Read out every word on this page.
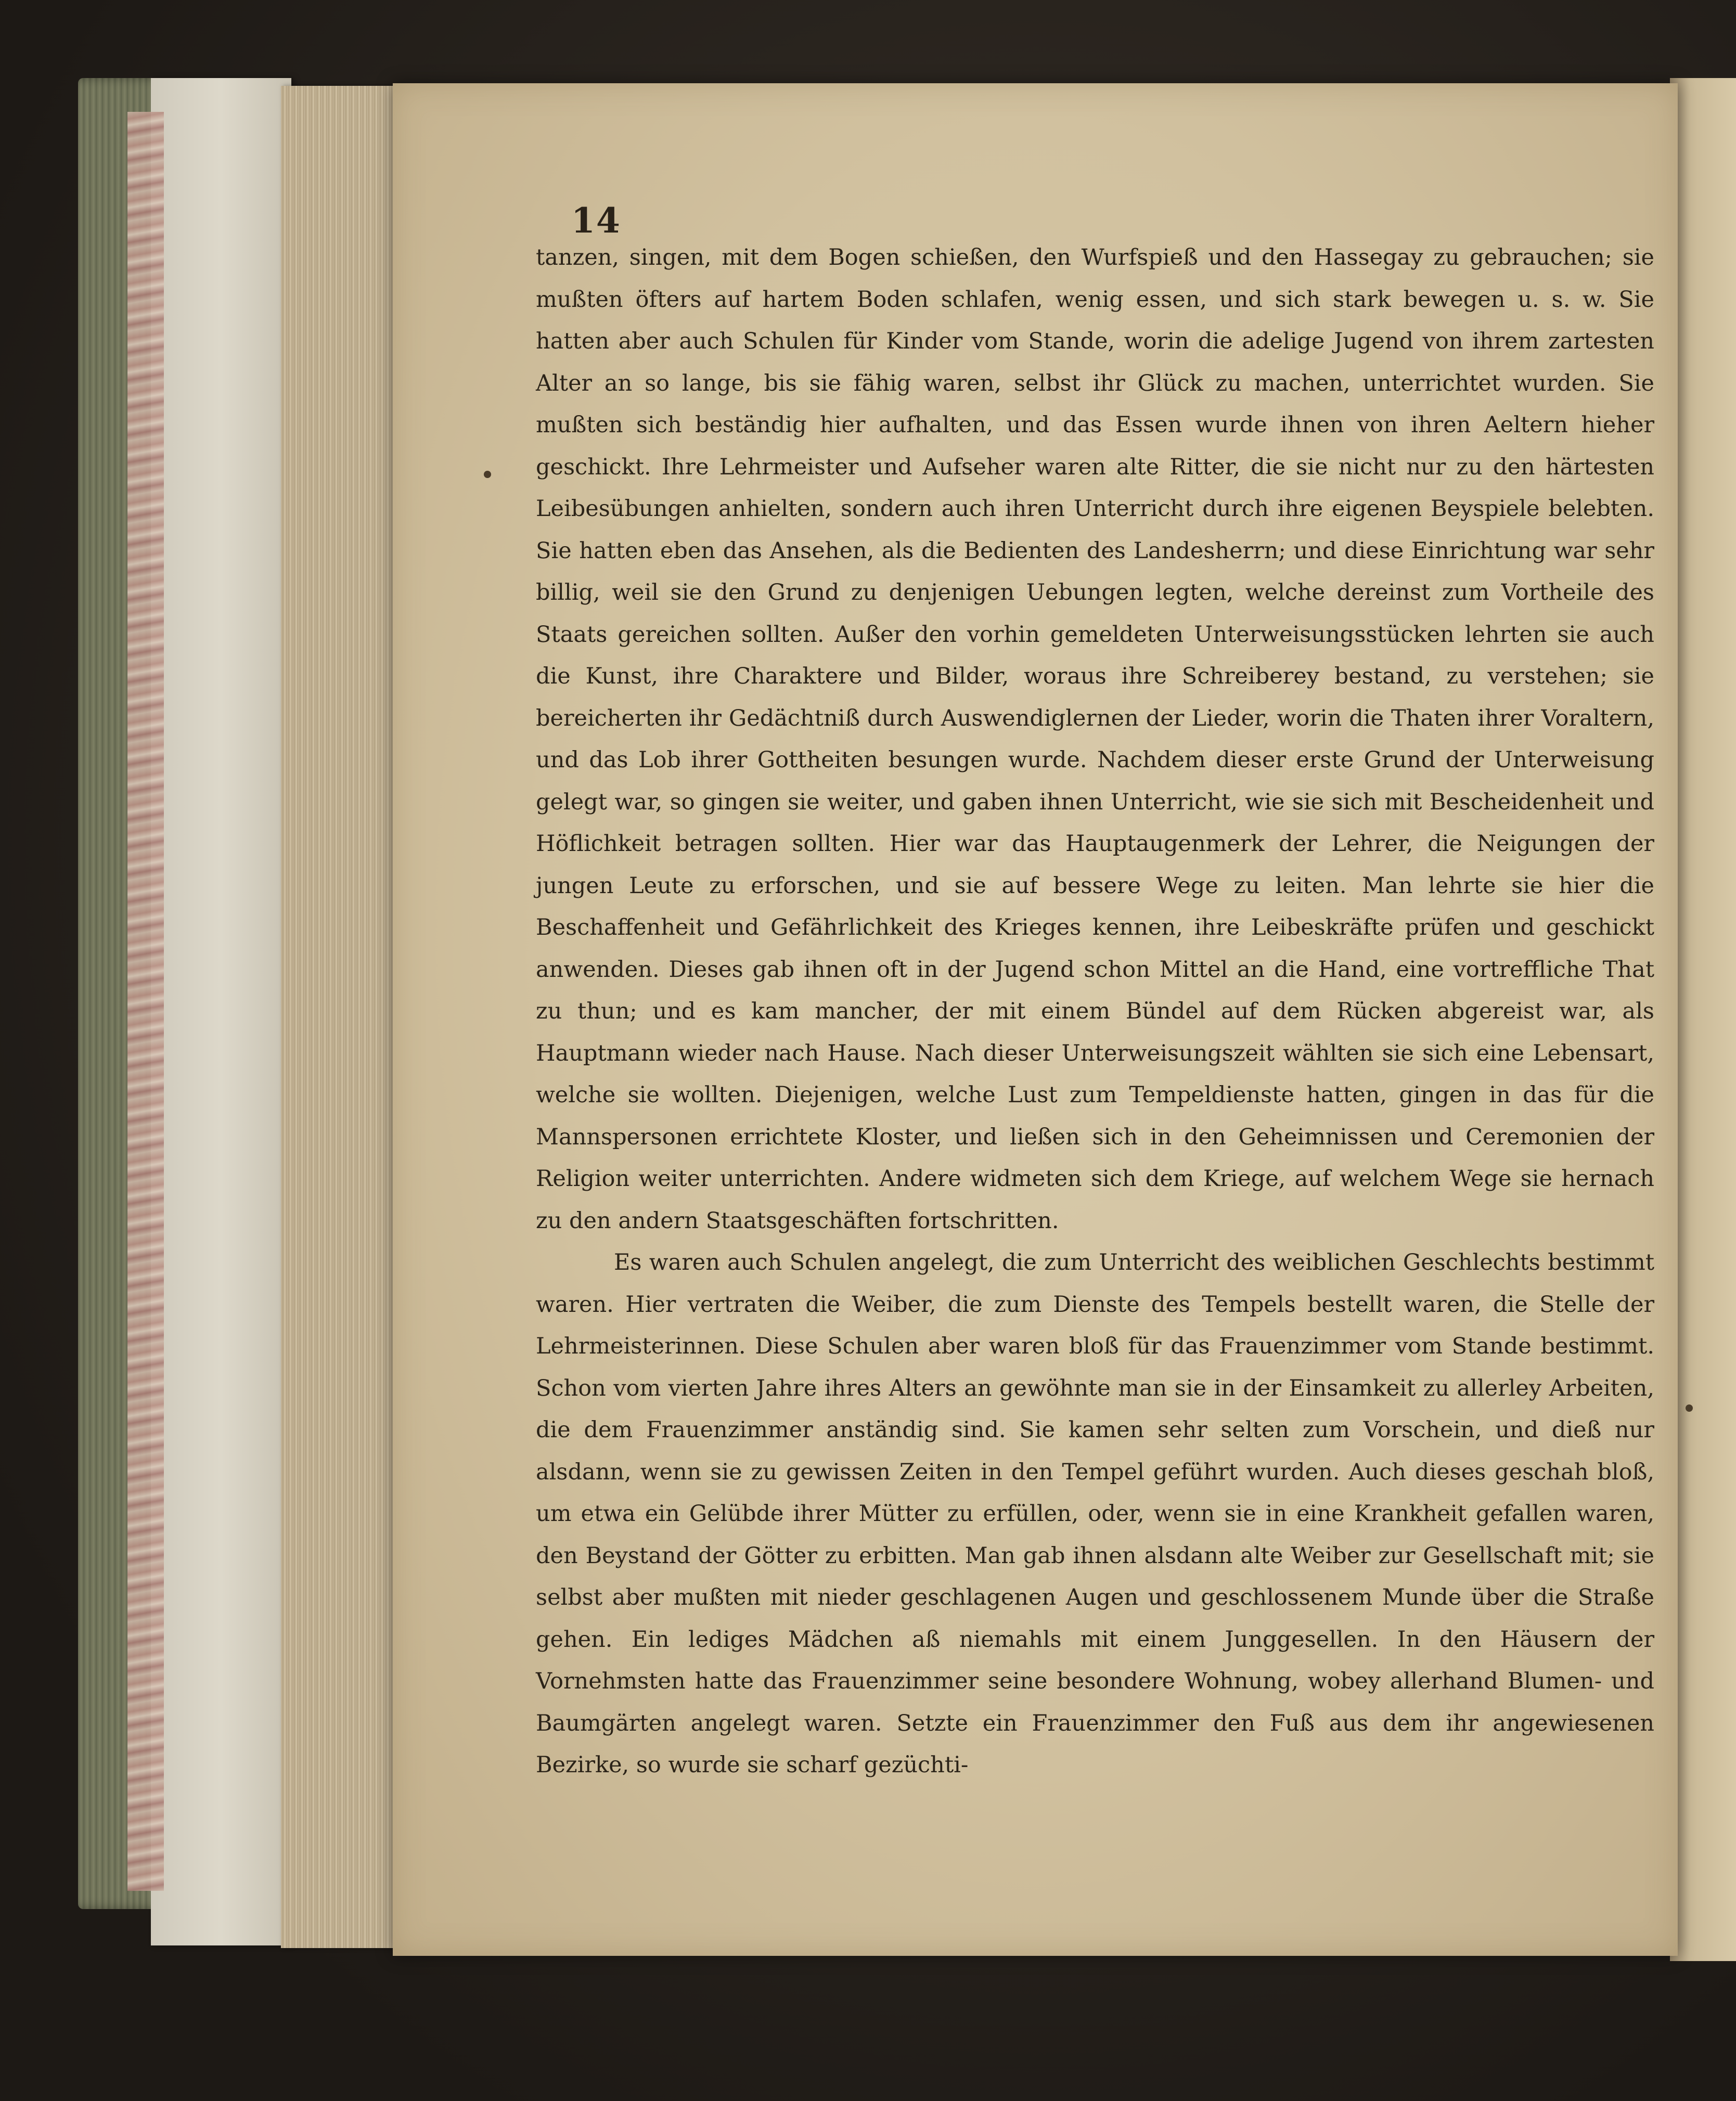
14

tanzen, singen, mit dem Bogen schießen, den Wurfspieß und den Hassegay zu gebrauchen; sie mußten öfters auf hartem Boden schlafen, wenig essen, und sich stark bewegen u. s. w. Sie hatten aber auch Schulen für Kinder vom Stande, worin die adelige Jugend von ihrem zartesten Alter an so lange, bis sie fähig waren, selbst ihr Glück zu machen, unterrichtet wurden. Sie mußten sich beständig hier aufhalten, und das Essen wurde ihnen von ihren Aeltern hieher geschickt. Ihre Lehrmeister und Aufseher waren alte Ritter, die sie nicht nur zu den härtesten Leibesübungen anhielten, sondern auch ihren Unterricht durch ihre eigenen Beyspiele belebten. Sie hatten eben das Ansehen, als die Bedienten des Landesherrn; und diese Einrichtung war sehr billig, weil sie den Grund zu denjenigen Uebungen legten, welche dereinst zum Vortheile des Staats gereichen sollten. Außer den vorhin gemeldeten Unterweisungsstücken lehrten sie auch die Kunst, ihre Charaktere und Bilder, woraus ihre Schreiberey bestand, zu verstehen; sie bereicherten ihr Gedächtniß durch Auswendiglernen der Lieder, worin die Thaten ihrer Voraltern, und das Lob ihrer Gottheiten besungen wurde. Nachdem dieser erste Grund der Unterweisung gelegt war, so gingen sie weiter, und gaben ihnen Unterricht, wie sie sich mit Bescheidenheit und Höflichkeit betragen sollten. Hier war das Hauptaugenmerk der Lehrer, die Neigungen der jungen Leute zu erforschen, und sie auf bessere Wege zu leiten. Man lehrte sie hier die Beschaffenheit und Gefährlichkeit des Krieges kennen, ihre Leibeskräfte prüfen und geschickt anwenden. Dieses gab ihnen oft in der Jugend schon Mittel an die Hand, eine vortreffliche That zu thun; und es kam mancher, der mit einem Bündel auf dem Rücken abgereist war, als Hauptmann wieder nach Hause. Nach dieser Unterweisungszeit wählten sie sich eine Lebensart, welche sie wollten. Diejenigen, welche Lust zum Tempeldienste hatten, gingen in das für die Mannspersonen errichtete Kloster, und ließen sich in den Geheimnissen und Ceremonien der Religion weiter unterrichten. Andere widmeten sich dem Kriege, auf welchem Wege sie hernach zu den andern Staatsgeschäften fortschritten.

Es waren auch Schulen angelegt, die zum Unterricht des weiblichen Geschlechts bestimmt waren. Hier vertraten die Weiber, die zum Dienste des Tempels bestellt waren, die Stelle der Lehrmeisterinnen. Diese Schulen aber waren bloß für das Frauenzimmer vom Stande bestimmt. Schon vom vierten Jahre ihres Alters an gewöhnte man sie in der Einsamkeit zu allerley Arbeiten, die dem Frauenzimmer anständig sind. Sie kamen sehr selten zum Vorschein, und dieß nur alsdann, wenn sie zu gewissen Zeiten in den Tempel geführt wurden. Auch dieses geschah bloß, um etwa ein Gelübde ihrer Mütter zu erfüllen, oder, wenn sie in eine Krankheit gefallen waren, den Beystand der Götter zu erbitten. Man gab ihnen alsdann alte Weiber zur Gesellschaft mit; sie selbst aber mußten mit nieder geschlagenen Augen und geschlossenem Munde über die Straße gehen. Ein lediges Mädchen aß niemahls mit einem Junggesellen. In den Häusern der Vornehmsten hatte das Frauenzimmer seine besondere Wohnung, wobey allerhand Blumen- und Baumgärten angelegt waren. Setzte ein Frauenzimmer den Fuß aus dem ihr angewiesenen Bezirke, so wurde sie scharf gezüchti-
